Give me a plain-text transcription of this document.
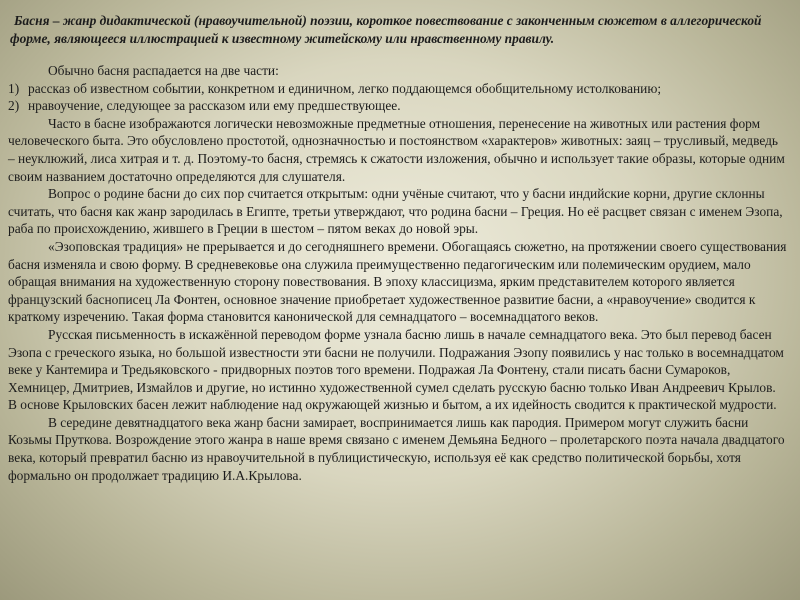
Басня – жанр дидактической (нравоучительной) поэзии, короткое повествование с законченным сюжетом в аллегорической форме, являющееся иллюстрацией к известному житейскому или нравственному правилу.

Обычно басня распадается на две части:

1) рассказ об известном событии, конкретном и единичном, легко поддающемся обобщительному истолкованию;

2) нравоучение, следующее за рассказом или ему предшествующее.

Часто в басне изображаются логически невозможные предметные отношения, перенесение на животных или растения форм человеческого быта. Это обусловлено простотой, однозначностью и постоянством «характеров» животных: заяц – трусливый, медведь – неуклюжий, лиса хитрая и т. д. Поэтому-то басня, стремясь к сжатости изложения, обычно и использует такие образы, которые одним своим названием достаточно определяются для слушателя.

Вопрос о родине басни до сих пор считается открытым: одни учёные считают, что у басни индийские корни, другие склонны считать, что басня как жанр зародилась в Египте, третьи утверждают, что родина басни – Греция. Но её расцвет связан с именем Эзопа, раба по происхождению, жившего в Греции в шестом – пятом веках до новой эры.

«Эзоповская традиция» не прерывается и до сегодняшнего времени. Обогащаясь сюжетно, на протяжении своего существования басня изменяла и свою форму. В средневековье она служила преимущественно педагогическим или полемическим орудием, мало обращая внимания на художественную сторону повествования. В эпоху классицизма, ярким представителем которого является французский баснописец Ла Фонтен, основное значение приобретает художественное развитие басни, а «нравоучение» сводится к краткому изречению. Такая форма становится канонической для семнадцатого – восемнадцатого веков.

Русская письменность в искажённой переводом форме узнала басню лишь в начале семнадцатого века. Это был перевод басен Эзопа с греческого языка, но большой известности эти басни не получили. Подражания Эзопу появились у нас только в восемнадцатом веке у Кантемира и Тредьяковского - придворных поэтов того времени. Подражая Ла Фонтену, стали писать басни Сумароков, Хемницер, Дмитриев, Измайлов и другие, но истинно художественной сумел сделать русскую басню только Иван Андреевич Крылов. В основе Крыловских басен лежит наблюдение над окружающей жизнью и бытом, а их идейность сводится к практической мудрости.

В середине девятнадцатого века жанр басни замирает, воспринимается лишь как пародия. Примером могут служить басни Козьмы Пруткова. Возрождение этого жанра в наше время связано с именем Демьяна Бедного – пролетарского поэта начала двадцатого века, который превратил басню из нравоучительной в публицистическую, используя её как средство политической борьбы, хотя формально он продолжает традицию И.А.Крылова.
